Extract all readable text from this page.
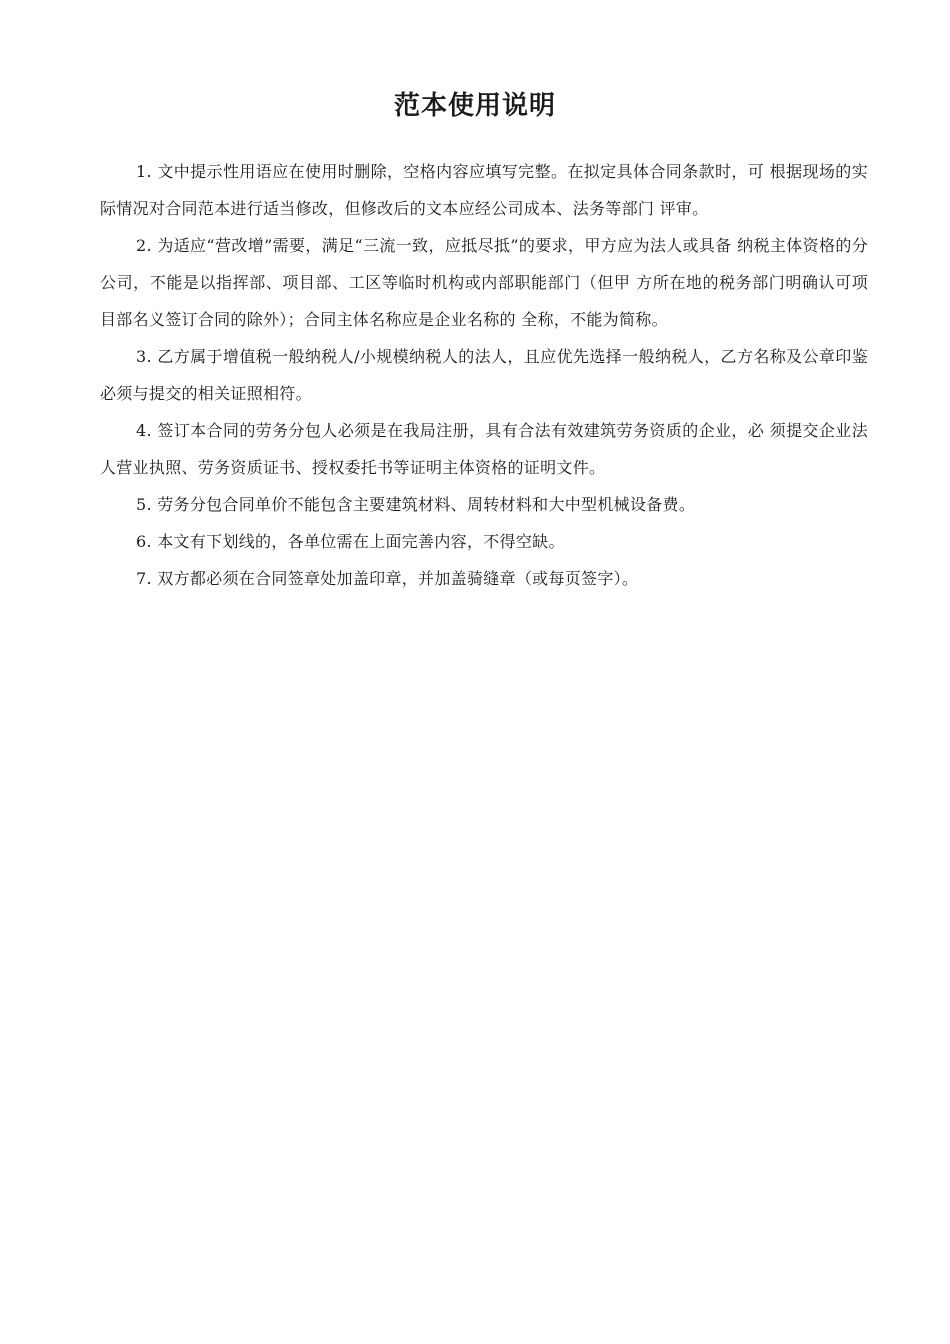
范本使用说明

1. 文中提示性用语应在使用时删除，空格内容应填写完整。在拟定具体合同条款时，可 根据现场的实际情况对合同范本进行适当修改，但修改后的文本应经公司成本、法务等部门 评审。

2. 为适应“营改增”需要，满足“三流一致，应抵尽抵”的要求，甲方应为法人或具备 纳税主体资格的分公司，不能是以指挥部、项目部、工区等临时机构或内部职能部门（但甲 方所在地的税务部门明确认可项目部名义签订合同的除外）；合同主体名称应是企业名称的 全称，不能为简称。

3. 乙方属于增值税一般纳税人/小规模纳税人的法人，且应优先选择一般纳税人，乙方名称及公章印鉴必须与提交的相关证照相符。

4. 签订本合同的劳务分包人必须是在我局注册，具有合法有效建筑劳务资质的企业，必 须提交企业法人营业执照、劳务资质证书、授权委托书等证明主体资格的证明文件。

5. 劳务分包合同单价不能包含主要建筑材料、周转材料和大中型机械设备费。

6. 本文有下划线的，各单位需在上面完善内容，不得空缺。

7. 双方都必须在合同签章处加盖印章，并加盖骑缝章（或每页签字）。
